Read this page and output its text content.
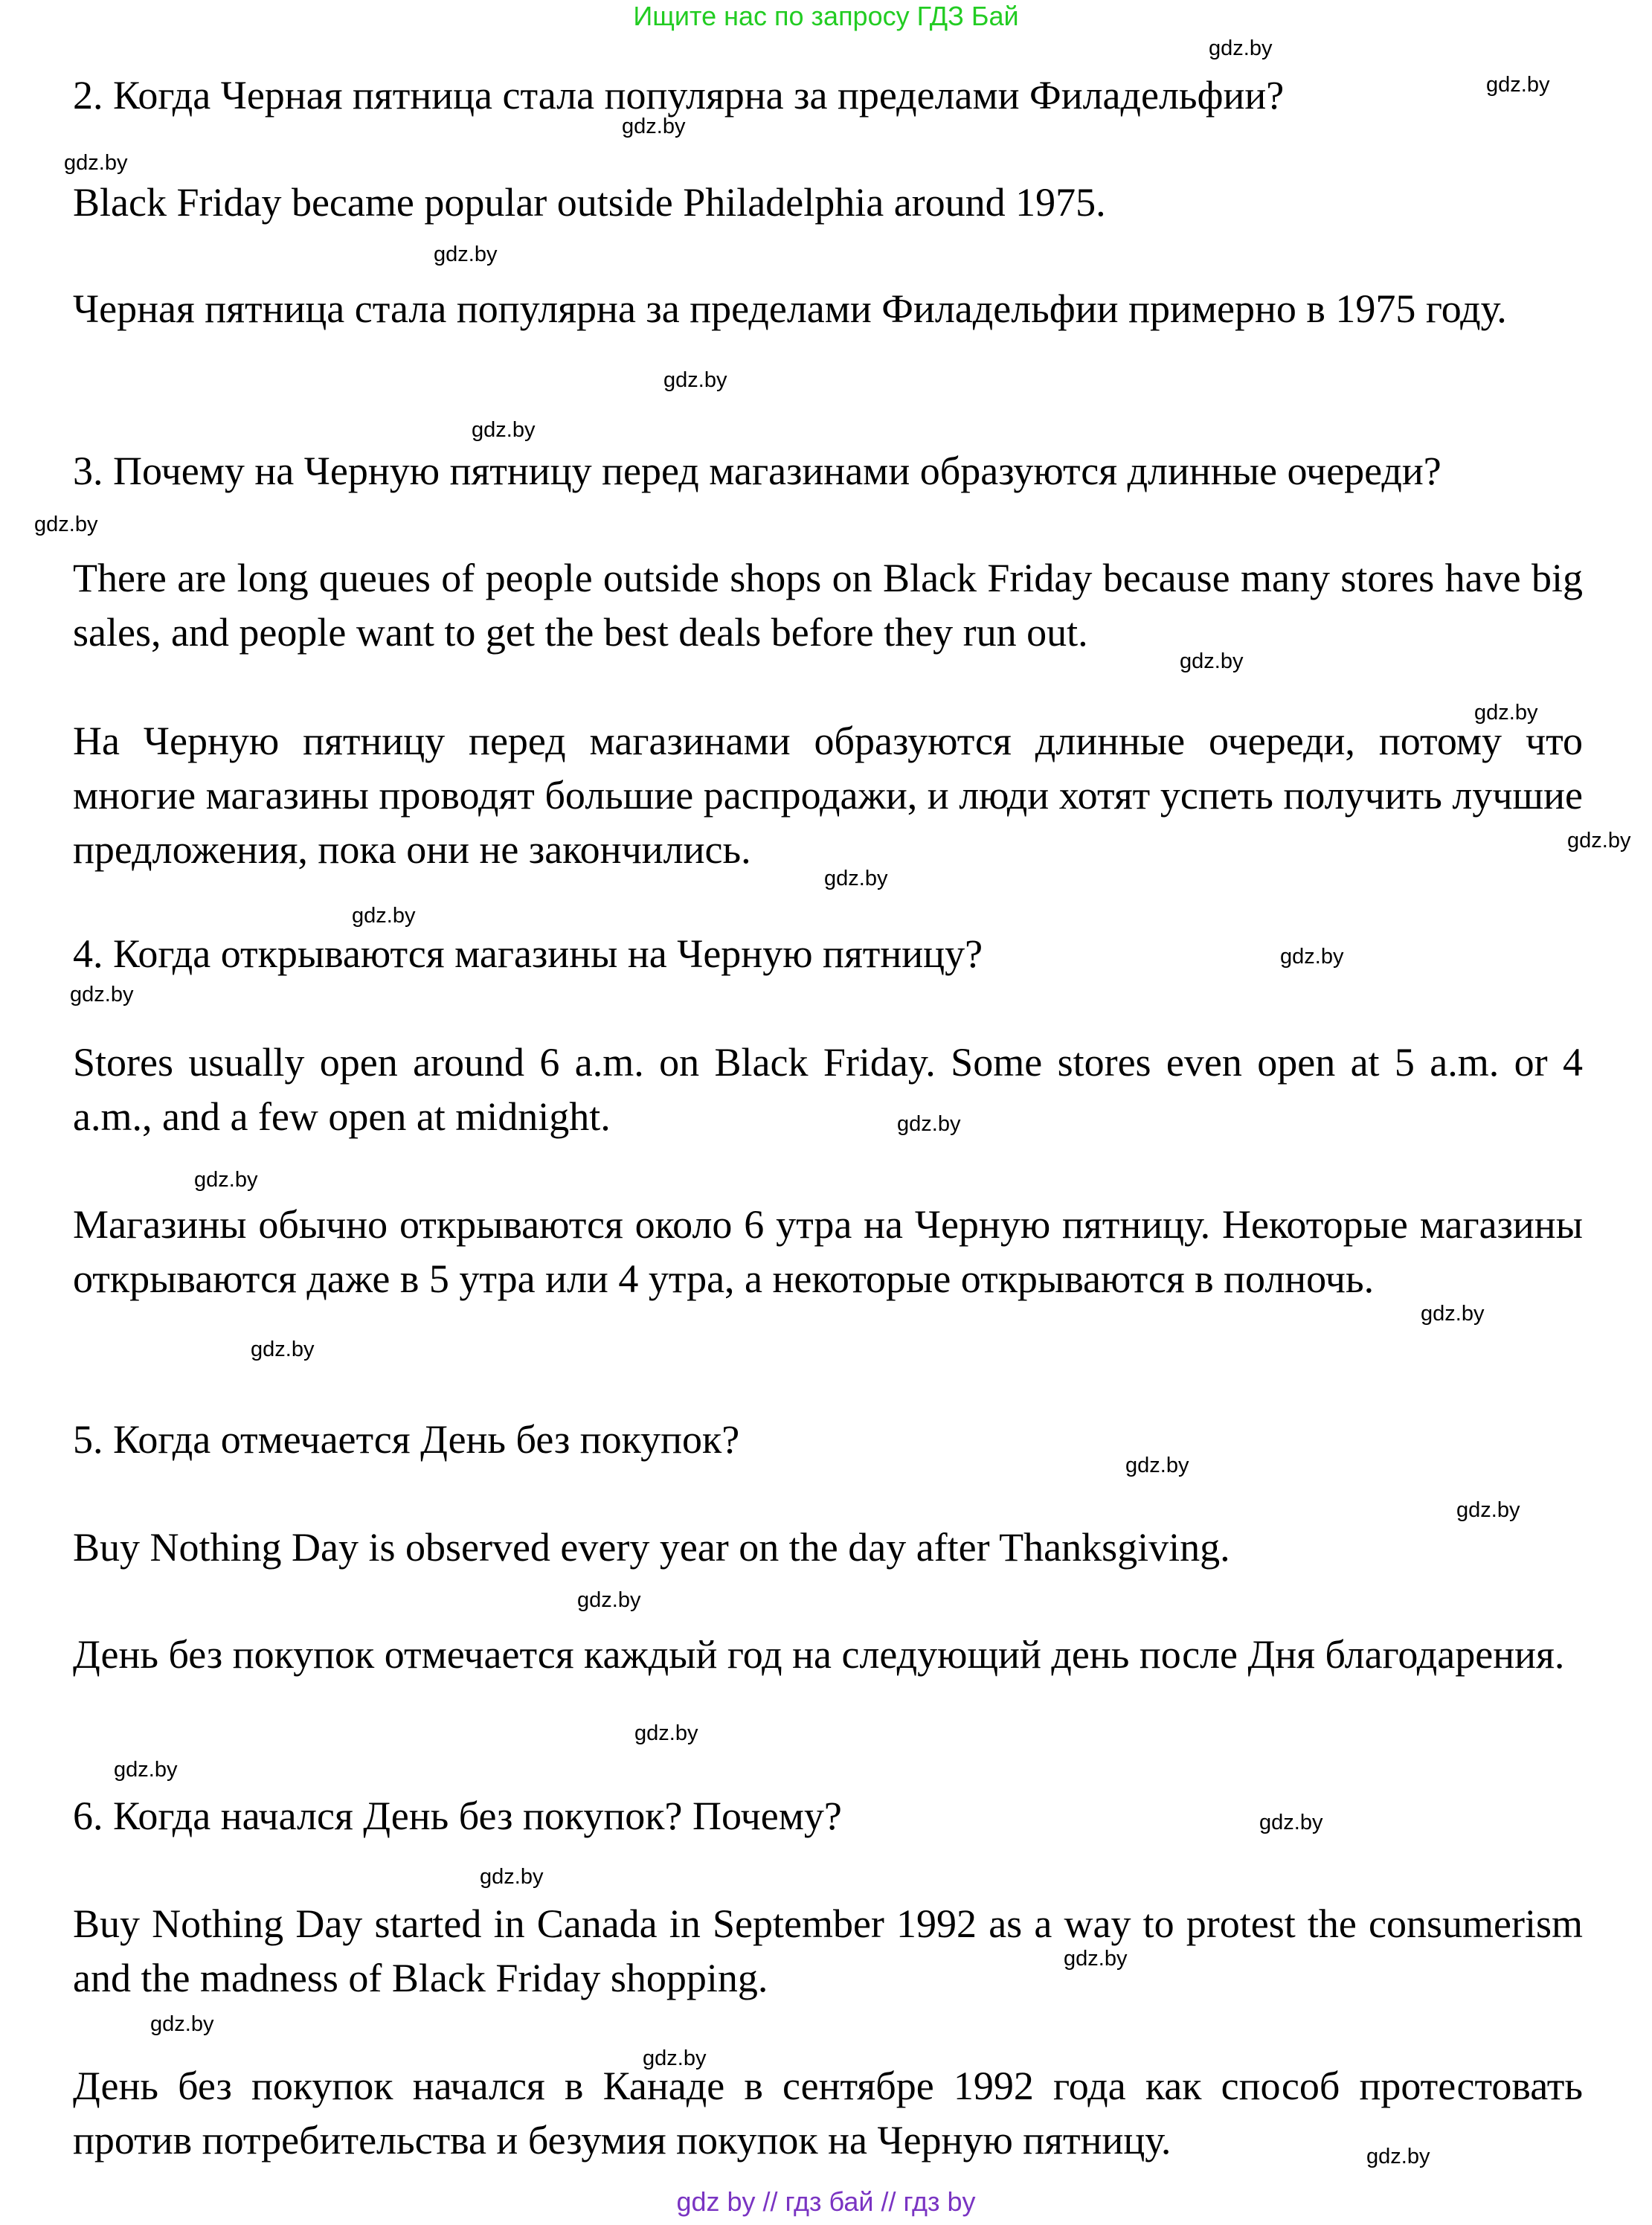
Ищите нас по запросу ГДЗ Бай

2. Когда Черная пятница стала популярна за пределами Филадельфии?

Black Friday became popular outside Philadelphia around 1975.

Черная пятница стала популярна за пределами Филадельфии примерно в 1975 году.

3. Почему на Черную пятницу перед магазинами образуются длинные очереди?

There are long queues of people outside shops on Black Friday because many stores have big sales, and people want to get the best deals before they run out.

На Черную пятницу перед магазинами образуются длинные очереди, потому что многие магазины проводят большие распродажи, и люди хотят успеть получить лучшие предложения, пока они не закончились.

4. Когда открываются магазины на Черную пятницу?

Stores usually open around 6 a.m. on Black Friday. Some stores even open at 5 a.m. or 4 a.m., and a few open at midnight.

Магазины обычно открываются около 6 утра на Черную пятницу. Некоторые магазины открываются даже в 5 утра или 4 утра, а некоторые открываются в полночь.

5. Когда отмечается День без покупок?

Buy Nothing Day is observed every year on the day after Thanksgiving.

День без покупок отмечается каждый год на следующий день после Дня благодарения.

6. Когда начался День без покупок? Почему?

Buy Nothing Day started in Canada in September 1992 as a way to protest the consumerism and the madness of Black Friday shopping.

День без покупок начался в Канаде в сентябре 1992 года как способ протестовать против потребительства и безумия покупок на Черную пятницу.

gdz.by
gdz.by
gdz.by
gdz.by
gdz.by
gdz.by
gdz.by
gdz.by
gdz.by
gdz.by
gdz.by
gdz.by
gdz.by
gdz.by
gdz.by
gdz.by
gdz.by
gdz.by
gdz.by
gdz.by
gdz.by
gdz.by
gdz.by
gdz.by
gdz.by
gdz.by
gdz.by
gdz.by
gdz.by
gdz.by
gdz by // гдз бай // гдз by
